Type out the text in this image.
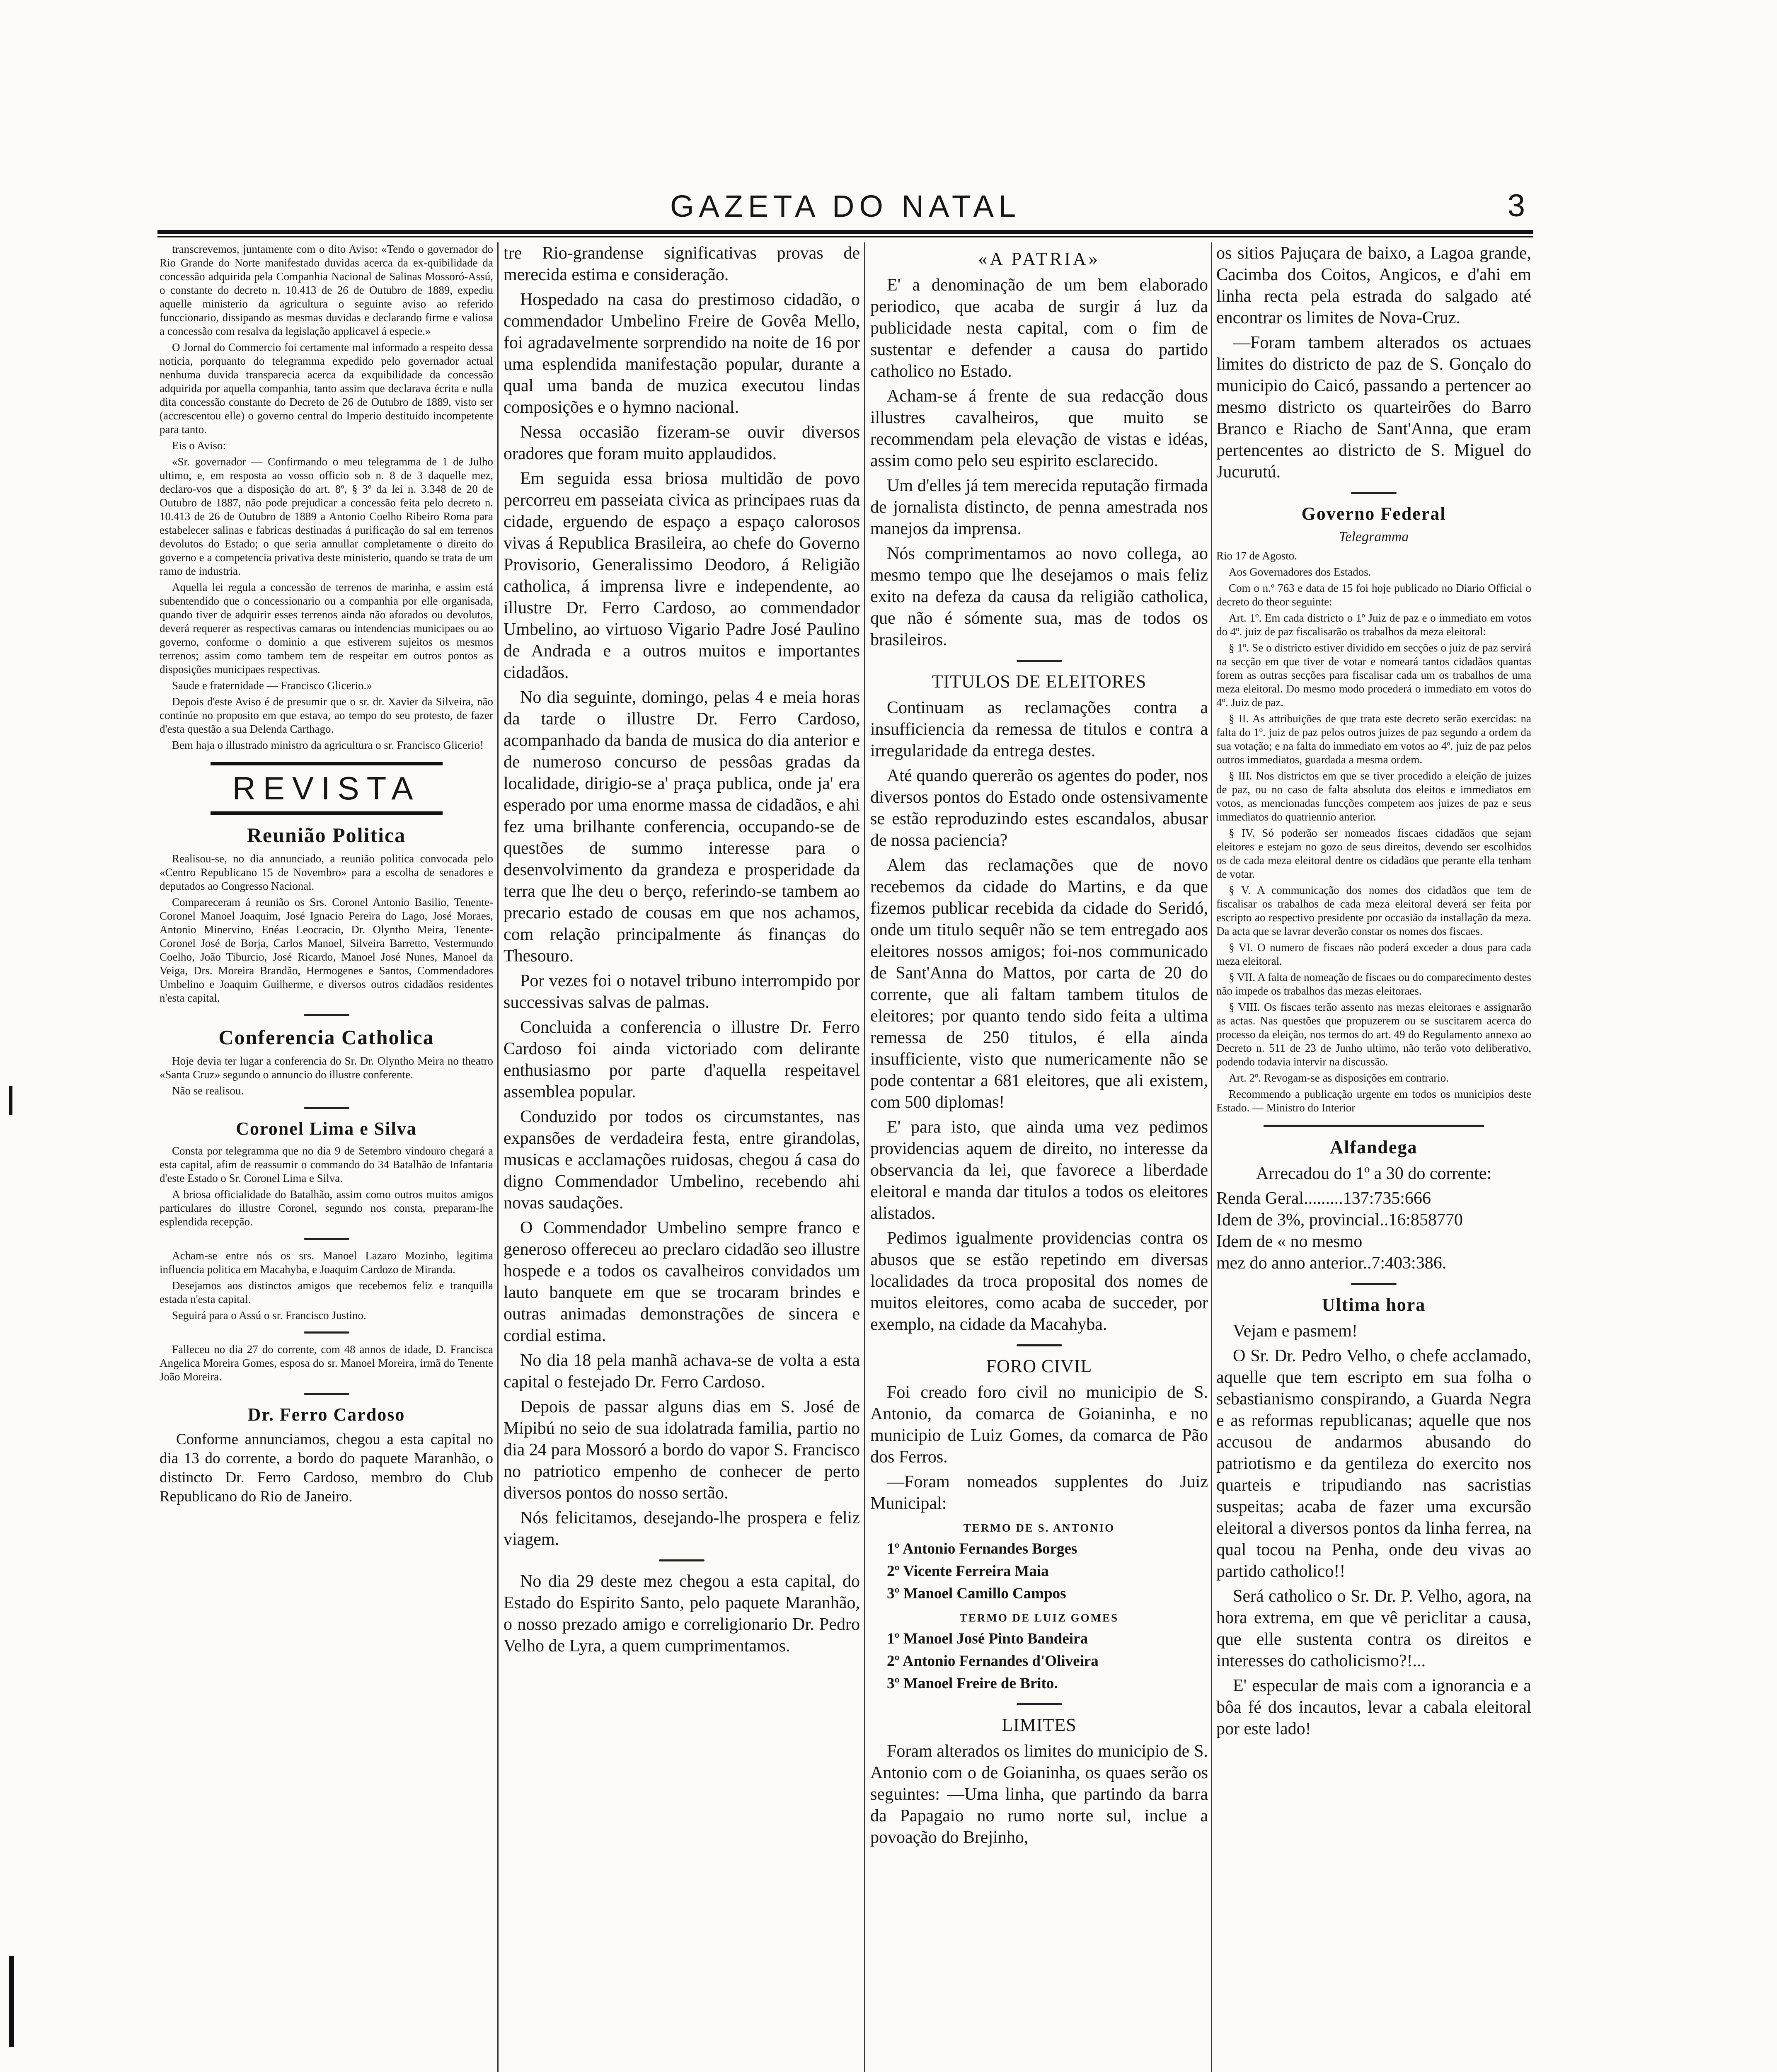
GAZETA DO NATAL	3

transcrevemos, juntamente com o dito Aviso: «Tendo o governador do Rio Grande do Norte manifestado duvidas acerca da ex-quibilidade da concessão adquirida pela Companhia Nacional de Salinas Mossoró-Assú, o constante do decreto n. 10.413 de 26 de Outubro de 1889, expediu aquelle ministerio da agricultura o seguinte aviso ao referido funccionario, dissipando as mesmas duvidas e declarando firme e valiosa a concessão com resalva da legislação applicavel á especie.»

O Jornal do Commercio foi certamente mal informado a respeito dessa noticia, porquanto do telegramma expedido pelo governador actual nenhuma duvida transparecia acerca da exquibilidade da concessão adquirida por aquella companhia, tanto assim que declarava écrita e nulla dita concessão constante do Decreto de 26 de Outubro de 1889, visto ser (accrescentou elle) o governo central do Imperio destituido incompetente para tanto.

Eis o Aviso:

«Sr. governador — Confirmando o meu telegramma de 1 de Julho ultimo, e, em resposta ao vosso officio sob n. 8 de 3 daquelle mez, declaro-vos que a disposição do art. 8º, § 3º da lei n. 3.348 de 20 de Outubro de 1887, não pode prejudicar a concessão feita pelo decreto n. 10.413 de 26 de Outubro de 1889 a Antonio Coelho Ribeiro Roma para estabelecer salinas e fabricas destinadas á purificação do sal em terrenos devolutos do Estado; o que seria annullar completamente o direito do governo e a competencia privativa deste ministerio, quando se trata de um ramo de industria.

Aquella lei regula a concessão de terrenos de marinha, e assim está subentendido que o concessionario ou a companhia por elle organisada, quando tiver de adquirir esses terrenos ainda não aforados ou devolutos, deverá requerer as respectivas camaras ou intendencias municipaes ou ao governo, conforme o dominio a que estiverem sujeitos os mesmos terrenos; assim como tambem tem de respeitar em outros pontos as disposições municipaes respectivas.

Saude e fraternidade — Francisco Glicerio.»

Depois d'este Aviso é de presumir que o sr. dr. Xavier da Silveira, não continúe no proposito em que estava, ao tempo do seu protesto, de fazer d'esta questão a sua Delenda Carthago.

Bem haja o illustrado ministro da agricultura o sr. Francisco Glicerio!

REVISTA
Reunião Politica

Realisou-se, no dia annunciado, a reunião politica convocada pelo «Centro Republicano 15 de Novembro» para a escolha de senadores e deputados ao Congresso Nacional.

Compareceram á reunião os Srs. Coronel Antonio Basilio, Tenente-Coronel Manoel Joaquim, José Ignacio Pereira do Lago, José Moraes, Antonio Minervino, Enéas Leocracio, Dr. Olyntho Meira, Tenente-Coronel José de Borja, Carlos Manoel, Silveira Barretto, Vestermundo Coelho, João Tiburcio, José Ricardo, Manoel José Nunes, Manoel da Veiga, Drs. Moreira Brandão, Hermogenes e Santos, Commendadores Umbelino e Joaquim Guilherme, e diversos outros cidadãos residentes n'esta capital.

Conferencia Catholica

Hoje devia ter lugar a conferencia do Sr. Dr. Olyntho Meira no theatro «Santa Cruz» segundo o annuncio do illustre conferente.

Não se realisou.

Coronel Lima e Silva

Consta por telegramma que no dia 9 de Setembro vindouro chegará a esta capital, afim de reassumir o commando do 34 Batalhão de Infantaria d'este Estado o Sr. Coronel Lima e Silva.

A briosa officialidade do Batalhão, assim como outros muitos amigos particulares do illustre Coronel, segundo nos consta, preparam-lhe esplendida recepção.

Acham-se entre nós os srs. Manoel Lazaro Mozinho, legitima influencia politica em Macahyba, e Joaquim Cardozo de Miranda.

Desejamos aos distinctos amigos que recebemos feliz e tranquilla estada n'esta capital.

Seguirá para o Assú o sr. Francisco Justino.

Falleceu no dia 27 do corrente, com 48 annos de idade, D. Francisca Angelica Moreira Gomes, esposa do sr. Manoel Moreira, irmã do Tenente João Moreira.

Dr. Ferro Cardoso

Conforme annunciamos, chegou a esta capital no dia 13 do corrente, a bordo do paquete Maranhão, o distincto Dr. Ferro Cardoso, membro do Club Republicano do Rio de Janeiro.

tre Rio-grandense significativas provas de merecida estima e consideração.

Hospedado na casa do prestimoso cidadão, o commendador Umbelino Freire de Govêa Mello, foi agradavelmente sorprendido na noite de 16 por uma esplendida manifestação popular, durante a qual uma banda de muzica executou lindas composições e o hymno nacional.

Nessa occasião fizeram-se ouvir diversos oradores que foram muito applaudidos.

Em seguida essa briosa multidão de povo percorreu em passeiata civica as principaes ruas da cidade, erguendo de espaço a espaço calorosos vivas á Republica Brasileira, ao chefe do Governo Provisorio, Generalissimo Deodoro, á Religião catholica, á imprensa livre e independente, ao illustre Dr. Ferro Cardoso, ao commendador Umbelino, ao virtuoso Vigario Padre José Paulino de Andrada e a outros muitos e importantes cidadãos.

No dia seguinte, domingo, pelas 4 e meia horas da tarde o illustre Dr. Ferro Cardoso, acompanhado da banda de musica do dia anterior e de numeroso concurso de pessôas gradas da localidade, dirigio-se a' praça publica, onde ja' era esperado por uma enorme massa de cidadãos, e ahi fez uma brilhante conferencia, occupando-se de questões de summo interesse para o desenvolvimento da grandeza e prosperidade da terra que lhe deu o berço, referindo-se tambem ao precario estado de cousas em que nos achamos, com relação principalmente ás finanças do Thesouro.

Por vezes foi o notavel tribuno interrompido por successivas salvas de palmas.

Concluida a conferencia o illustre Dr. Ferro Cardoso foi ainda victoriado com delirante enthusiasmo por parte d'aquella respeitavel assemblea popular.

Conduzido por todos os circumstantes, nas expansões de verdadeira festa, entre girandolas, musicas e acclamações ruidosas, chegou á casa do digno Commendador Umbelino, recebendo ahi novas saudações.

O Commendador Umbelino sempre franco e generoso offereceu ao preclaro cidadão seo illustre hospede e a todos os cavalheiros convidados um lauto banquete em que se trocaram brindes e outras animadas demonstrações de sincera e cordial estima.

No dia 18 pela manhã achava-se de volta a esta capital o festejado Dr. Ferro Cardoso.

Depois de passar alguns dias em S. José de Mipibú no seio de sua idolatrada familia, partio no dia 24 para Mossoró a bordo do vapor S. Francisco no patriotico empenho de conhecer de perto diversos pontos do nosso sertão.

Nós felicitamos, desejando-lhe prospera e feliz viagem.

No dia 29 deste mez chegou a esta capital, do Estado do Espirito Santo, pelo paquete Maranhão, o nosso prezado amigo e correligionario Dr. Pedro Velho de Lyra, a quem cumprimentamos.

«A PATRIA»

E' a denominação de um bem elaborado periodico, que acaba de surgir á luz da publicidade nesta capital, com o fim de sustentar e defender a causa do partido catholico no Estado.

Acham-se á frente de sua redacção dous illustres cavalheiros, que muito se recommendam pela elevação de vistas e idéas, assim como pelo seu espirito esclarecido.

Um d'elles já tem merecida reputação firmada de jornalista distincto, de penna amestrada nos manejos da imprensa.

Nós comprimentamos ao novo collega, ao mesmo tempo que lhe desejamos o mais feliz exito na defeza da causa da religião catholica, que não é sómente sua, mas de todos os brasileiros.

TITULOS DE ELEITORES

Continuam as reclamações contra a insufficiencia da remessa de titulos e contra a irregularidade da entrega destes.

Até quando quererão os agentes do poder, nos diversos pontos do Estado onde ostensivamente se estão reproduzindo estes escandalos, abusar de nossa paciencia?

Alem das reclamações que de novo recebemos da cidade do Martins, e da que fizemos publicar recebida da cidade do Seridó, onde um titulo sequêr não se tem entregado aos eleitores nossos amigos; foi-nos communicado de Sant'Anna do Mattos, por carta de 20 do corrente, que ali faltam tambem titulos de eleitores; por quanto tendo sido feita a ultima remessa de 250 titulos, é ella ainda insufficiente, visto que numericamente não se pode contentar a 681 eleitores, que ali existem, com 500 diplomas!

E' para isto, que ainda uma vez pedimos providencias aquem de direito, no interesse da observancia da lei, que favorece a liberdade eleitoral e manda dar titulos a todos os eleitores alistados.

Pedimos igualmente providencias contra os abusos que se estão repetindo em diversas localidades da troca proposital dos nomes de muitos eleitores, como acaba de succeder, por exemplo, na cidade da Macahyba.

FORO CIVIL

Foi creado foro civil no municipio de S. Antonio, da comarca de Goianinha, e no municipio de Luiz Gomes, da comarca de Pão dos Ferros.

—Foram nomeados supplentes do Juiz Municipal:

TERMO DE S. ANTONIO
1º Antonio Fernandes Borges
2º Vicente Ferreira Maia
3º Manoel Camillo Campos
TERMO DE LUIZ GOMES
1º Manoel José Pinto Bandeira
2º Antonio Fernandes d'Oliveira
3º Manoel Freire de Brito.
LIMITES

Foram alterados os limites do municipio de S. Antonio com o de Goianinha, os quaes serão os seguintes: —Uma linha, que partindo da barra da Papagaio no rumo norte sul, inclue a povoação do Brejinho,

os sitios Pajuçara de baixo, a Lagoa grande, Cacimba dos Coitos, Angicos, e d'ahi em linha recta pela estrada do salgado até encontrar os limites de Nova-Cruz.

—Foram tambem alterados os actuaes limites do districto de paz de S. Gonçalo do municipio do Caicó, passando a pertencer ao mesmo districto os quarteirões do Barro Branco e Riacho de Sant'Anna, que eram pertencentes ao districto de S. Miguel do Jucurutú.

Governo Federal
Telegramma

Rio 17 de Agosto.

Aos Governadores dos Estados.

Com o n.º 763 e data de 15 foi hoje publicado no Diario Official o decreto do theor seguinte:

Art. 1º. Em cada districto o 1º Juiz de paz e o immediato em votos do 4º. juiz de paz fiscalisarão os trabalhos da meza eleitoral:

§ 1º. Se o districto estiver dividido em secções o juiz de paz servirá na secção em que tiver de votar e nomeará tantos cidadãos quantas forem as outras secções para fiscalisar cada um os trabalhos de uma meza eleitoral. Do mesmo modo procederá o immediato em votos do 4º. Juiz de paz.

§ II. As attribuições de que trata este decreto serão exercidas: na falta do 1º. juiz de paz pelos outros juizes de paz segundo a ordem da sua votação; e na falta do immediato em votos ao 4º. juiz de paz pelos outros immediatos, guardada a mesma ordem.

§ III. Nos districtos em que se tiver procedido a eleição de juizes de paz, ou no caso de falta absoluta dos eleitos e immediatos em votos, as mencionadas funcções competem aos juizes de paz e seus immediatos do quatriennio anterior.

§ IV. Só poderão ser nomeados fiscaes cidadãos que sejam eleitores e estejam no gozo de seus direitos, devendo ser escolhidos os de cada meza eleitoral dentre os cidadãos que perante ella tenham de votar.

§ V. A communicação dos nomes dos cidadãos que tem de fiscalisar os trabalhos de cada meza eleitoral deverá ser feita por escripto ao respectivo presidente por occasião da installação da meza. Da acta que se lavrar deverão constar os nomes dos fiscaes.

§ VI. O numero de fiscaes não poderá exceder a dous para cada meza eleitoral.

§ VII. A falta de nomeação de fiscaes ou do comparecimento destes não impede os trabalhos das mezas eleitoraes.

§ VIII. Os fiscaes terão assento nas mezas eleitoraes e assignarão as actas. Nas questões que propuzerem ou se suscitarem acerca do processo da eleição, nos termos do art. 49 do Regulamento annexo ao Decreto n. 511 de 23 de Junho ultimo, não terão voto deliberativo, podendo todavia intervir na discussão.

Art. 2º. Revogam-se as disposições em contrario.

Recommendo a publicação urgente em todos os municipios deste Estado. — Ministro do Interior

Alfandega

Arrecadou do 1º a 30 do corrente:

Renda Geral.........137:735:666
Idem de 3%, provincial..16:858770
Idem de « no mesmo
mez do anno anterior..7:403:386.
Ultima hora

Vejam e pasmem!

O Sr. Dr. Pedro Velho, o chefe acclamado, aquelle que tem escripto em sua folha o sebastianismo conspirando, a Guarda Negra e as reformas republicanas; aquelle que nos accusou de andarmos abusando do patriotismo e da gentileza do exercito nos quarteis e tripudiando nas sacristias suspeitas; acaba de fazer uma excursão eleitoral a diversos pontos da linha ferrea, na qual tocou na Penha, onde deu vivas ao partido catholico!!

Será catholico o Sr. Dr. P. Velho, agora, na hora extrema, em que vê periclitar a causa, que elle sustenta contra os direitos e interesses do catholicismo?!...

E' especular de mais com a ignorancia e a bôa fé dos incautos, levar a cabala eleitoral por este lado!
